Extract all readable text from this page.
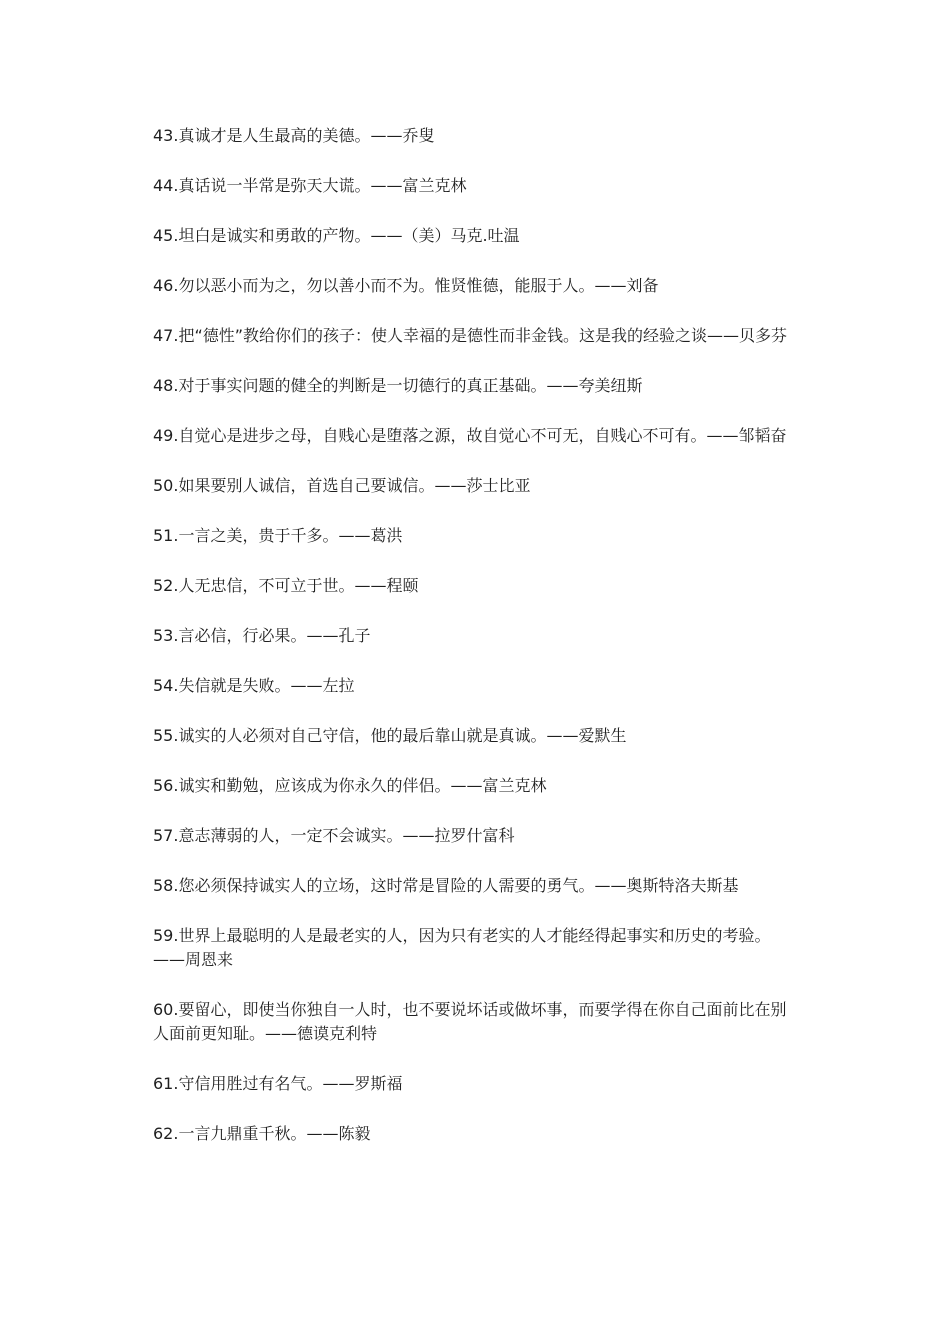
43.真诚才是人生最高的美德。——乔叟
44.真话说一半常是弥天大谎。——富兰克林
45.坦白是诚实和勇敢的产物。——（美）马克.吐温
46.勿以恶小而为之，勿以善小而不为。惟贤惟德，能服于人。——刘备
47.把“德性”教给你们的孩子：使人幸福的是德性而非金钱。这是我的经验之谈——贝多芬
48.对于事实问题的健全的判断是一切德行的真正基础。——夸美纽斯
49.自觉心是进步之母，自贱心是堕落之源，故自觉心不可无，自贱心不可有。——邹韬奋
50.如果要别人诚信，首选自己要诚信。——莎士比亚
51.一言之美，贵于千多。——葛洪
52.人无忠信，不可立于世。——程颐
53.言必信，行必果。——孔子
54.失信就是失败。——左拉
55.诚实的人必须对自己守信，他的最后靠山就是真诚。——爱默生
56.诚实和勤勉，应该成为你永久的伴侣。——富兰克林
57.意志薄弱的人，一定不会诚实。——拉罗什富科
58.您必须保持诚实人的立场，这时常是冒险的人需要的勇气。——奥斯特洛夫斯基
59.世界上最聪明的人是最老实的人，因为只有老实的人才能经得起事实和历史的考验。——周恩来
60.要留心，即使当你独自一人时，也不要说坏话或做坏事，而要学得在你自己面前比在别人面前更知耻。——德谟克利特
61.守信用胜过有名气。——罗斯福
62.一言九鼎重千秋。——陈毅
